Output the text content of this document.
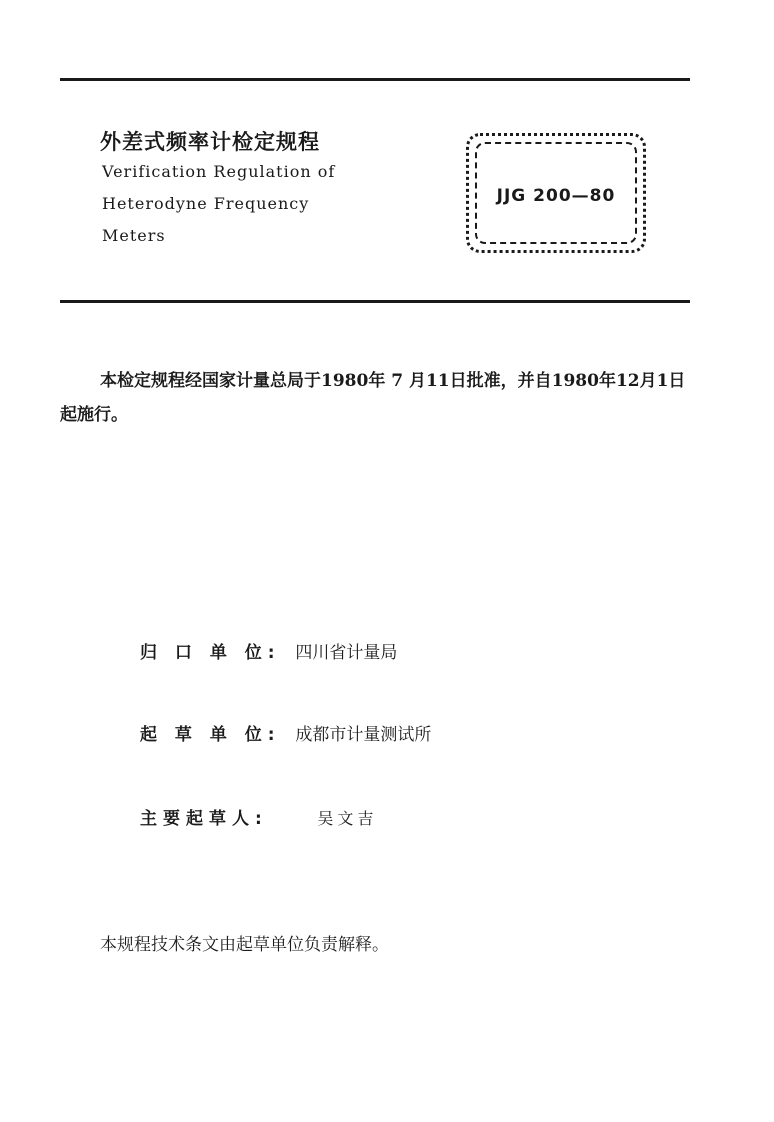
外差式频率计检定规程
Verification Regulation of
Heterodyne Frequency
Meters
JJG 200—80
本检定规程经国家计量总局于1980年 7 月11日批准，并自1980年12月1日起施行。
归 口 单 位: 四川省计量局
起 草 单 位: 成都市计量测试所
主要起草人:	吴文吉
本规程技术条文由起草单位负责解释。
